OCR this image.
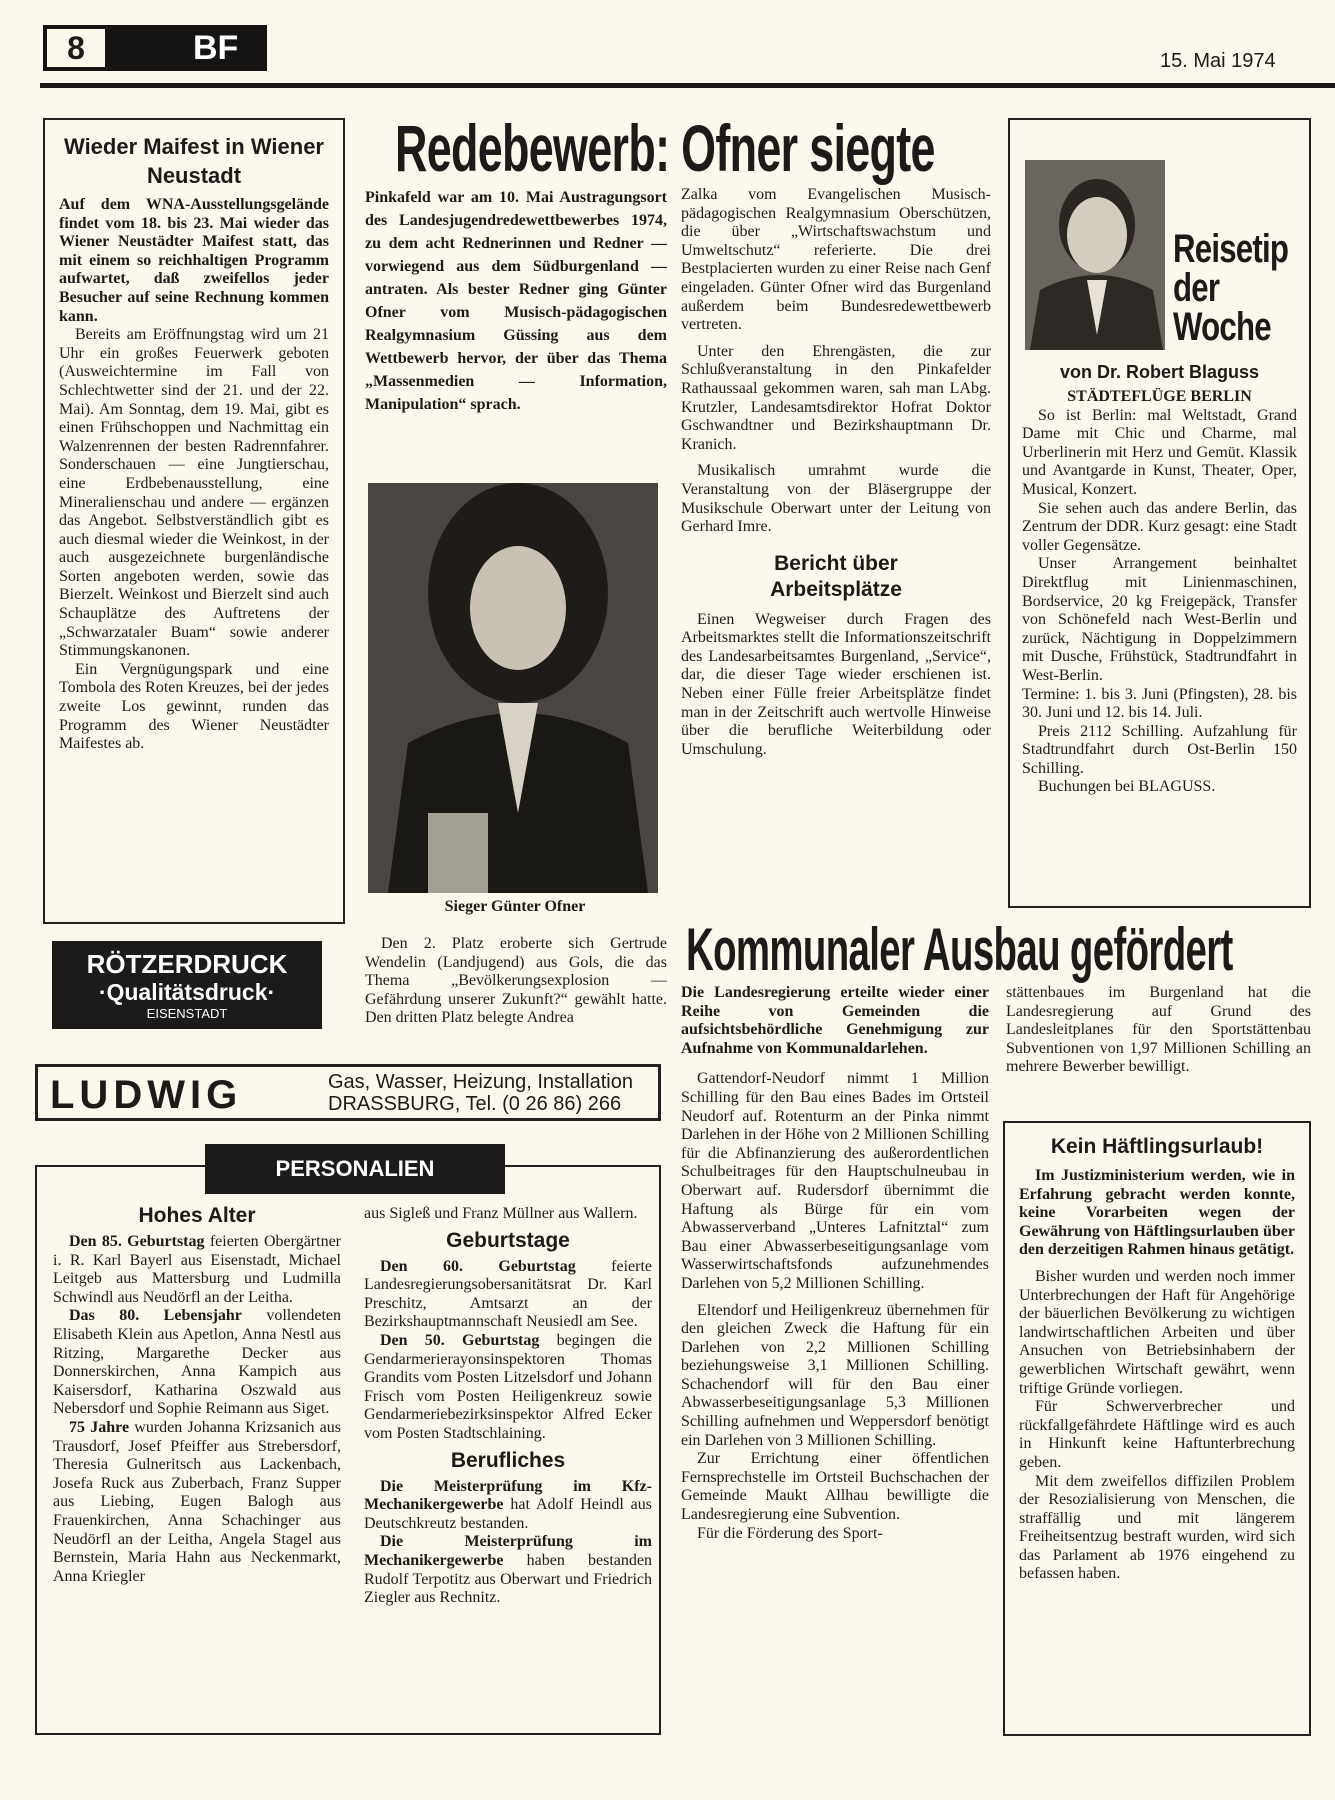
8	BF	15. Mai 1974
Wieder Maifest in Wiener Neustadt

Auf dem WNA-Ausstellungsgelände findet vom 18. bis 23. Mai wieder das Wiener Neustädter Maifest statt, das mit einem so reichhaltigen Programm aufwartet, daß zweifellos jeder Besucher auf seine Rechnung kommen kann.

Bereits am Eröffnungstag wird um 21 Uhr ein großes Feuerwerk geboten (Ausweichtermine im Fall von Schlechtwetter sind der 21. und der 22. Mai). Am Sonntag, dem 19. Mai, gibt es einen Frühschoppen und Nachmittag ein Walzenrennen der besten Radrennfahrer. Sonderschauen — eine Jungtierschau, eine Erdbebenausstellung, eine Mineralienschau und andere — ergänzen das Angebot. Selbstverständlich gibt es auch diesmal wieder die Weinkost, in der auch ausgezeichnete burgenländische Sorten angeboten werden, sowie das Bierzelt. Weinkost und Bierzelt sind auch Schauplätze des Auftretens der „Schwarzataler Buam“ sowie anderer Stimmungskanonen.

Ein Vergnügungspark und eine Tombola des Roten Kreuzes, bei der jedes zweite Los gewinnt, runden das Programm des Wiener Neustädter Maifestes ab.

Redebewerb: Ofner siegte

Pinkafeld war am 10. Mai Austragungsort des Landesjugendredewettbewerbes 1974, zu dem acht Rednerinnen und Redner — vorwiegend aus dem Südburgenland — antraten. Als bester Redner ging Günter Ofner vom Musisch-pädagogischen Realgymnasium Güssing aus dem Wettbewerb hervor, der über das Thema „Massenmedien — Information, Manipulation“ sprach.

Sieger Günter Ofner

Den 2. Platz eroberte sich Gertrude Wendelin (Landjugend) aus Gols, die das Thema „Bevölkerungsexplosion — Gefährdung unserer Zukunft?“ gewählt hatte. Den dritten Platz belegte Andrea

Zalka vom Evangelischen Musisch-pädagogischen Realgymnasium Oberschützen, die über „Wirtschaftswachstum und Umweltschutz“ referierte. Die drei Bestplacierten wurden zu einer Reise nach Genf eingeladen. Günter Ofner wird das Burgenland außerdem beim Bundesredewettbewerb vertreten.

Unter den Ehrengästen, die zur Schlußveranstaltung in den Pinkafelder Rathaussaal gekommen waren, sah man LAbg. Krutzler, Landesamtsdirektor Hofrat Doktor Gschwandtner und Bezirkshauptmann Dr. Kranich.

Musikalisch umrahmt wurde die Veranstaltung von der Bläsergruppe der Musikschule Oberwart unter der Leitung von Gerhard Imre.

Bericht über Arbeitsplätze

Einen Wegweiser durch Fragen des Arbeitsmarktes stellt die Informationszeitschrift des Landesarbeitsamtes Burgenland, „Service“, dar, die dieser Tage wieder erschienen ist. Neben einer Fülle freier Arbeitsplätze findet man in der Zeitschrift auch wertvolle Hinweise über die berufliche Weiterbildung oder Umschulung.

Reisetip der Woche
von Dr. Robert Blaguss

STÄDTEFLÜGE BERLIN

So ist Berlin: mal Weltstadt, Grand Dame mit Chic und Charme, mal Urberlinerin mit Herz und Gemüt. Klassik und Avantgarde in Kunst, Theater, Oper, Musical, Konzert.

Sie sehen auch das andere Berlin, das Zentrum der DDR. Kurz gesagt: eine Stadt voller Gegensätze.

Unser Arrangement beinhaltet Direktflug mit Linienmaschinen, Bordservice, 20 kg Freigepäck, Transfer von Schönefeld nach West-Berlin und zurück, Nächtigung in Doppelzimmern mit Dusche, Frühstück, Stadtrundfahrt in West-Berlin.

Termine: 1. bis 3. Juni (Pfingsten), 28. bis 30. Juni und 12. bis 14. Juli.

Preis 2112 Schilling. Aufzahlung für Stadtrundfahrt durch Ost-Berlin 150 Schilling.

Buchungen bei BLAGUSS.

Kommunaler Ausbau gefördert

Die Landesregierung erteilte wieder einer Reihe von Gemeinden die aufsichtsbehördliche Genehmigung zur Aufnahme von Kommunaldarlehen.

Gattendorf-Neudorf nimmt 1 Million Schilling für den Bau eines Bades im Ortsteil Neudorf auf. Rotenturm an der Pinka nimmt Darlehen in der Höhe von 2 Millionen Schilling für die Abfinanzierung des außerordentlichen Schulbeitrages für den Hauptschulneubau in Oberwart auf. Rudersdorf übernimmt die Haftung als Bürge für ein vom Abwasserverband „Unteres Lafnitztal“ zum Bau einer Abwasserbeseitigungsanlage vom Wasserwirtschaftsfonds aufzunehmendes Darlehen von 5,2 Millionen Schilling.

Eltendorf und Heiligenkreuz übernehmen für den gleichen Zweck die Haftung für ein Darlehen von 2,2 Millionen Schilling beziehungsweise 3,1 Millionen Schilling. Schachendorf will für den Bau einer Abwasserbeseitigungsanlage 5,3 Millionen Schilling aufnehmen und Weppersdorf benötigt ein Darlehen von 3 Millionen Schilling.

Zur Errichtung einer öffentlichen Fernsprechstelle im Ortsteil Buchschachen der Gemeinde Maukt Allhau bewilligte die Landesregierung eine Subvention.

Für die Förderung des Sport-

stättenbaues im Burgenland hat die Landesregierung auf Grund des Landesleitplanes für den Sportstättenbau Subventionen von 1,97 Millionen Schilling an mehrere Bewerber bewilligt.

Kein Häftlingsurlaub!

Im Justizministerium werden, wie in Erfahrung gebracht werden konnte, keine Vorarbeiten wegen der Gewährung von Häftlingsurlauben über den derzeitigen Rahmen hinaus getätigt.

Bisher wurden und werden noch immer Unterbrechungen der Haft für Angehörige der bäuerlichen Bevölkerung zu wichtigen landwirtschaftlichen Arbeiten und über Ansuchen von Betriebsinhabern der gewerblichen Wirtschaft gewährt, wenn triftige Gründe vorliegen.

Für Schwerverbrecher und rückfallgefährdete Häftlinge wird es auch in Hinkunft keine Haftunterbrechung geben.

Mit dem zweifellos diffizilen Problem der Resozialisierung von Menschen, die straffällig und mit längerem Freiheitsentzug bestraft wurden, wird sich das Parlament ab 1976 eingehend zu befassen haben.

RÖTZERDRUCK
·Qualitätsdruck·
EISENSTADT
LUDWIG	Gas, Wasser, Heizung, Installation
DRASSBURG, Tel. (0 26 86) 266
Hohes Alter

Den 85. Geburtstag feierten Obergärtner i. R. Karl Bayerl aus Eisenstadt, Michael Leitgeb aus Mattersburg und Ludmilla Schwindl aus Neudörfl an der Leitha.

Das 80. Lebensjahr vollendeten Elisabeth Klein aus Apetlon, Anna Nestl aus Ritzing, Margarethe Decker aus Donnerskirchen, Anna Kampich aus Kaisersdorf, Katharina Oszwald aus Nebersdorf und Sophie Reimann aus Siget.

75 Jahre wurden Johanna Krizsanich aus Trausdorf, Josef Pfeiffer aus Strebersdorf, Theresia Gulneritsch aus Lackenbach, Josefa Ruck aus Zuberbach, Franz Supper aus Liebing, Eugen Balogh aus Frauenkirchen, Anna Schachinger aus Neudörfl an der Leitha, Angela Stagel aus Bernstein, Maria Hahn aus Neckenmarkt, Anna Kriegler

aus Sigleß und Franz Müllner aus Wallern.

Geburtstage

Den 60. Geburtstag feierte Landesregierungsobersanitätsrat Dr. Karl Preschitz, Amtsarzt an der Bezirkshauptmannschaft Neusiedl am See.

Den 50. Geburtstag begingen die Gendarmerierayonsinspektoren Thomas Grandits vom Posten Litzelsdorf und Johann Frisch vom Posten Heiligenkreuz sowie Gendarmeriebezirksinspektor Alfred Ecker vom Posten Stadtschlaining.

Berufliches

Die Meisterprüfung im Kfz-Mechanikergewerbe hat Adolf Heindl aus Deutschkreutz bestanden.

Die Meisterprüfung im Mechanikergewerbe haben bestanden Rudolf Terpotitz aus Oberwart und Friedrich Ziegler aus Rechnitz.

PERSONALIEN
